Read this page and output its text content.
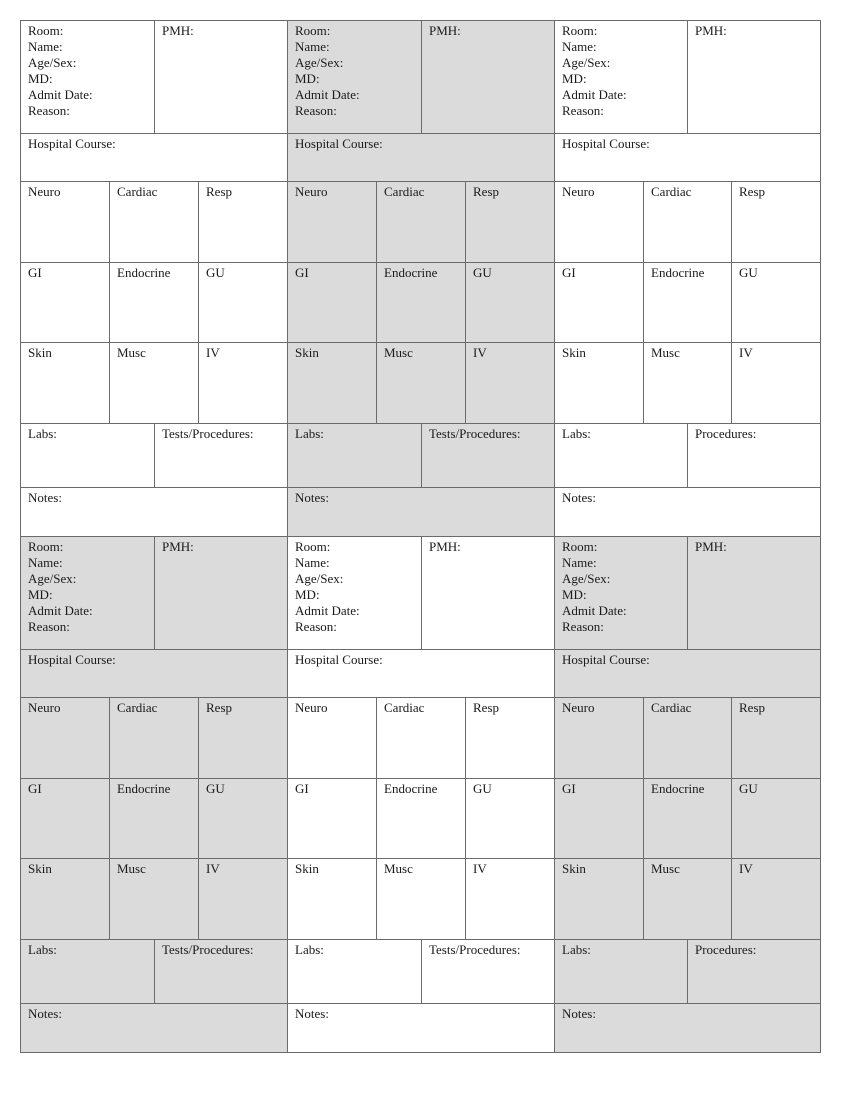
Room:
Name:
Age/Sex:
MD:
Admit Date:
Reason:
PMH:
Hospital Course:
Neuro	Cardiac	Resp
GI	Endocrine	GU
Skin	Musc	IV
Labs:	Tests/Procedures:
Notes:
Room:
Name:
Age/Sex:
MD:
Admit Date:
Reason:
PMH:
Hospital Course:
Neuro	Cardiac	Resp
GI	Endocrine	GU
Skin	Musc	IV
Labs:	Tests/Procedures:
Notes:
Room:
Name:
Age/Sex:
MD:
Admit Date:
Reason:
PMH:
Hospital Course:
Neuro	Cardiac	Resp
GI	Endocrine	GU
Skin	Musc	IV
Labs:	Procedures:
Notes:
Room:
Name:
Age/Sex:
MD:
Admit Date:
Reason:
PMH:
Hospital Course:
Neuro	Cardiac	Resp
GI	Endocrine	GU
Skin	Musc	IV
Labs:	Tests/Procedures:
Notes:
Room:
Name:
Age/Sex:
MD:
Admit Date:
Reason:
PMH:
Hospital Course:
Neuro	Cardiac	Resp
GI	Endocrine	GU
Skin	Musc	IV
Labs:	Tests/Procedures:
Notes:
Room:
Name:
Age/Sex:
MD:
Admit Date:
Reason:
PMH:
Hospital Course:
Neuro	Cardiac	Resp
GI	Endocrine	GU
Skin	Musc	IV
Labs:	Procedures:
Notes:
